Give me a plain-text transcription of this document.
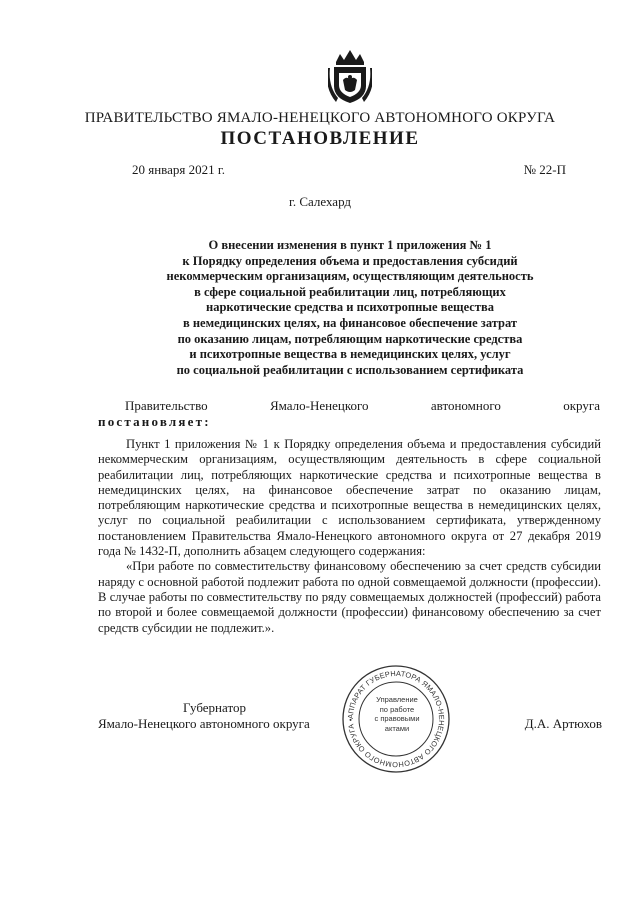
ПРАВИТЕЛЬСТВО ЯМАЛО-НЕНЕЦКОГО АВТОНОМНОГО ОКРУГА
ПОСТАНОВЛЕНИЕ
20 января 2021 г.	№ 22-П
г. Салехард
О внесении изменения в пункт 1 приложения № 1
к Порядку определения объема и предоставления субсидий
некоммерческим организациям, осуществляющим деятельность
в сфере социальной реабилитации лиц, потребляющих
наркотические средства и психотропные вещества
в немедицинских целях, на финансовое обеспечение затрат
по оказанию лицам, потребляющим наркотические средства
и психотропные вещества в немедицинских целях, услуг
по социальной реабилитации с использованием сертификата
Правительство	Ямало-Ненецкого	автономного	округа
постановляет:

Пункт 1 приложения № 1 к Порядку определения объема и предоставления субсидий некоммерческим организациям, осуществляющим деятельность в сфере социальной реабилитации лиц, потребляющих наркотические средства и психотропные вещества в немедицинских целях, на финансовое обеспечение затрат по оказанию лицам, потребляющим наркотические средства и психотропные вещества в немедицинских целях, услуг по социальной реабилитации с использованием сертификата, утвержденному постановлением Правительства Ямало-Ненецкого автономного округа от 27 декабря 2019 года № 1432-П, дополнить абзацем следующего содержания:

«При работе по совместительству финансовому обеспечению за счет средств субсидии наряду с основной работой подлежит работа по одной совмещаемой должности (профессии). В случае работы по совместительству по ряду совмещаемых должностей (профессий) работа по второй и более совмещаемой должности (профессии) финансовому обеспечению за счет средств субсидии не подлежит.».

Губернатор
Ямало-Ненецкого автономного округа	Д.А. Артюхов
АППАРАТ ГУБЕРНАТОРА ЯМАЛО-НЕНЕЦКОГО АВТОНОМНОГО ОКРУГА •
Управление
по работе
с правовыми
актами
